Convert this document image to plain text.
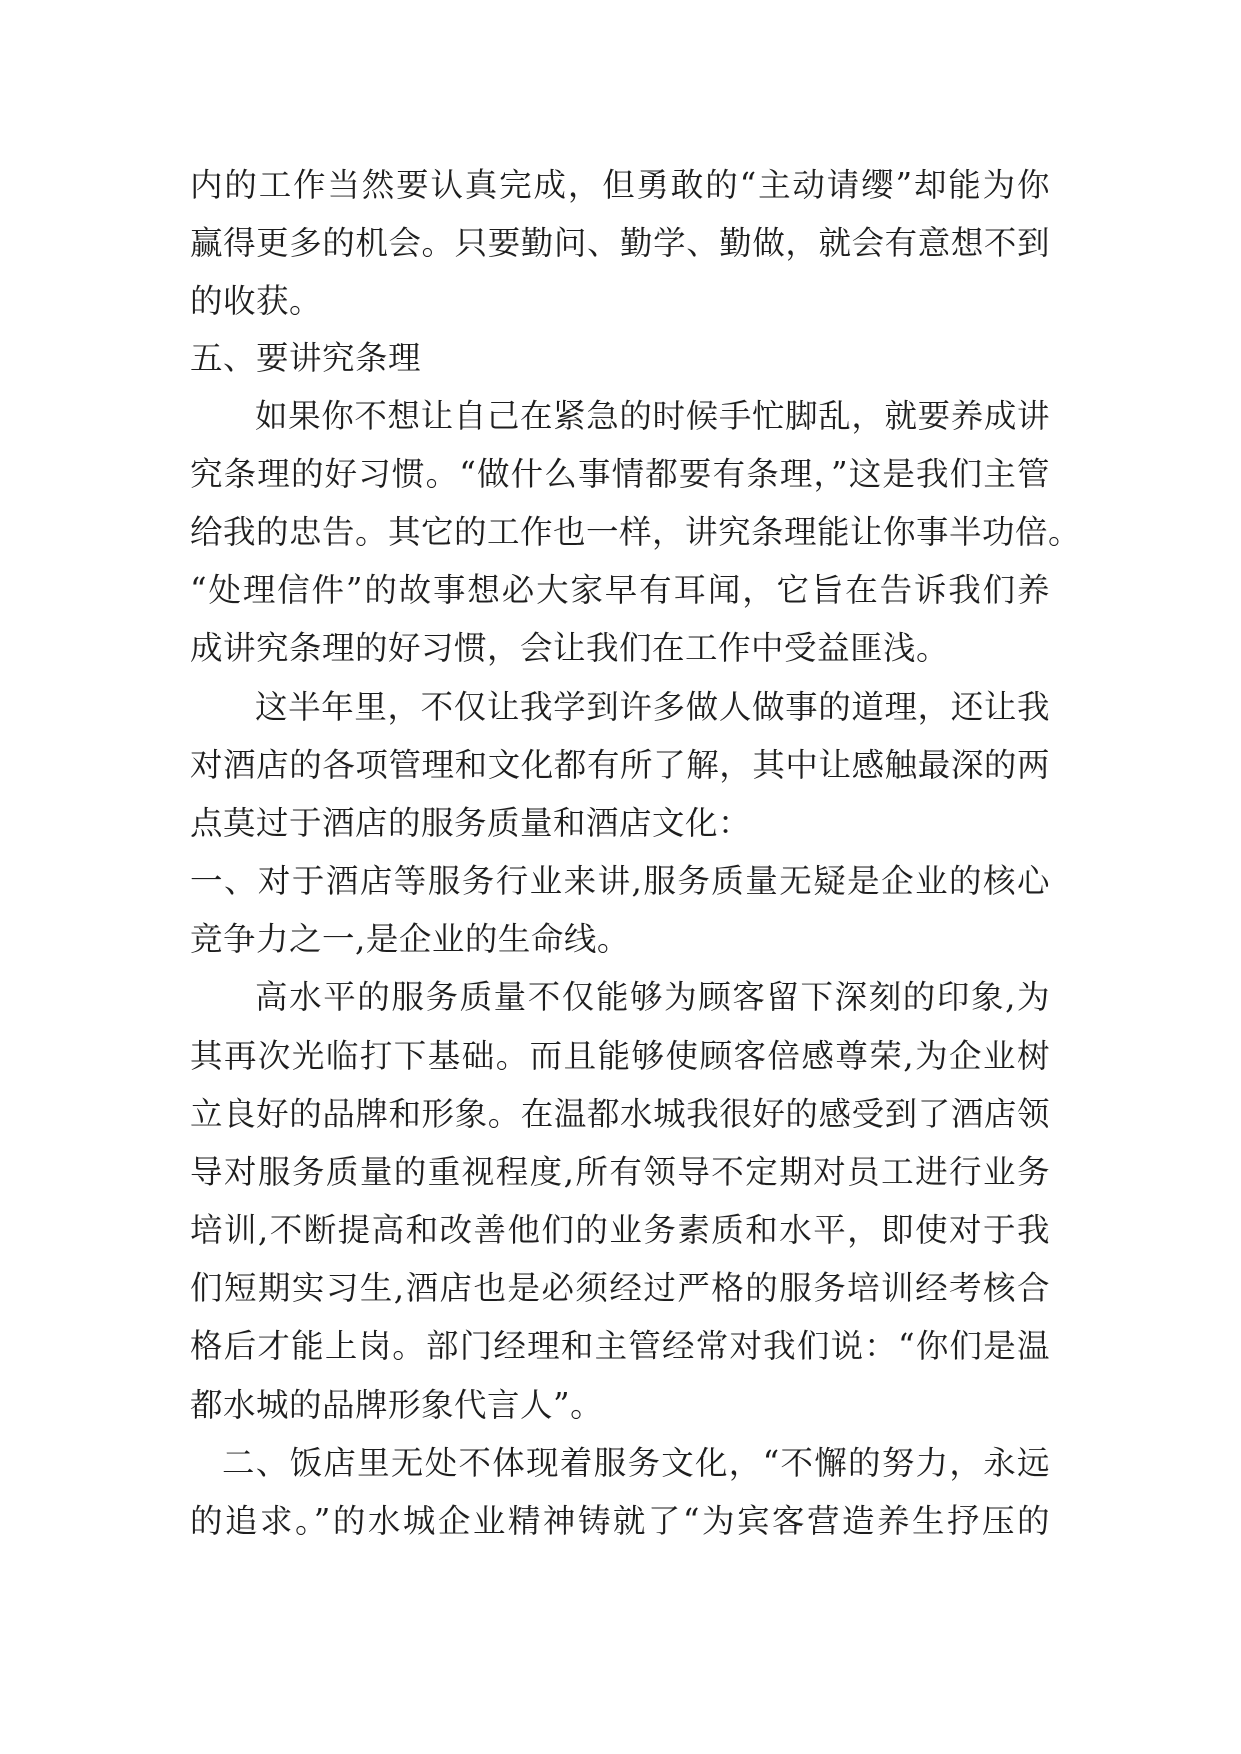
内的工作当然要认真完成，但勇敢的“主动请缨”却能为你
赢得更多的机会。只要勤问、勤学、勤做，就会有意想不到
的收获。
五、要讲究条理
如果你不想让自己在紧急的时候手忙脚乱，就要养成讲
究条理的好习惯。“做什么事情都要有条理，”这是我们主管
给我的忠告。其它的工作也一样，讲究条理能让你事半功倍。
“处理信件”的故事想必大家早有耳闻，它旨在告诉我们养
成讲究条理的好习惯，会让我们在工作中受益匪浅。
这半年里，不仅让我学到许多做人做事的道理，还让我
对酒店的各项管理和文化都有所了解，其中让感触最深的两
点莫过于酒店的服务质量和酒店文化：
一、对于酒店等服务行业来讲,服务质量无疑是企业的核心
竞争力之一,是企业的生命线。
高水平的服务质量不仅能够为顾客留下深刻的印象,为
其再次光临打下基础。而且能够使顾客倍感尊荣,为企业树
立良好的品牌和形象。在温都水城我很好的感受到了酒店领
导对服务质量的重视程度,所有领导不定期对员工进行业务
培训,不断提高和改善他们的业务素质和水平，即使对于我
们短期实习生,酒店也是必须经过严格的服务培训经考核合
格后才能上岗。部门经理和主管经常对我们说：“你们是温
都水城的品牌形象代言人”。
二、饭店里无处不体现着服务文化，“不懈的努力，永远
的追求。”的水城企业精神铸就了“为宾客营造养生抒压的
